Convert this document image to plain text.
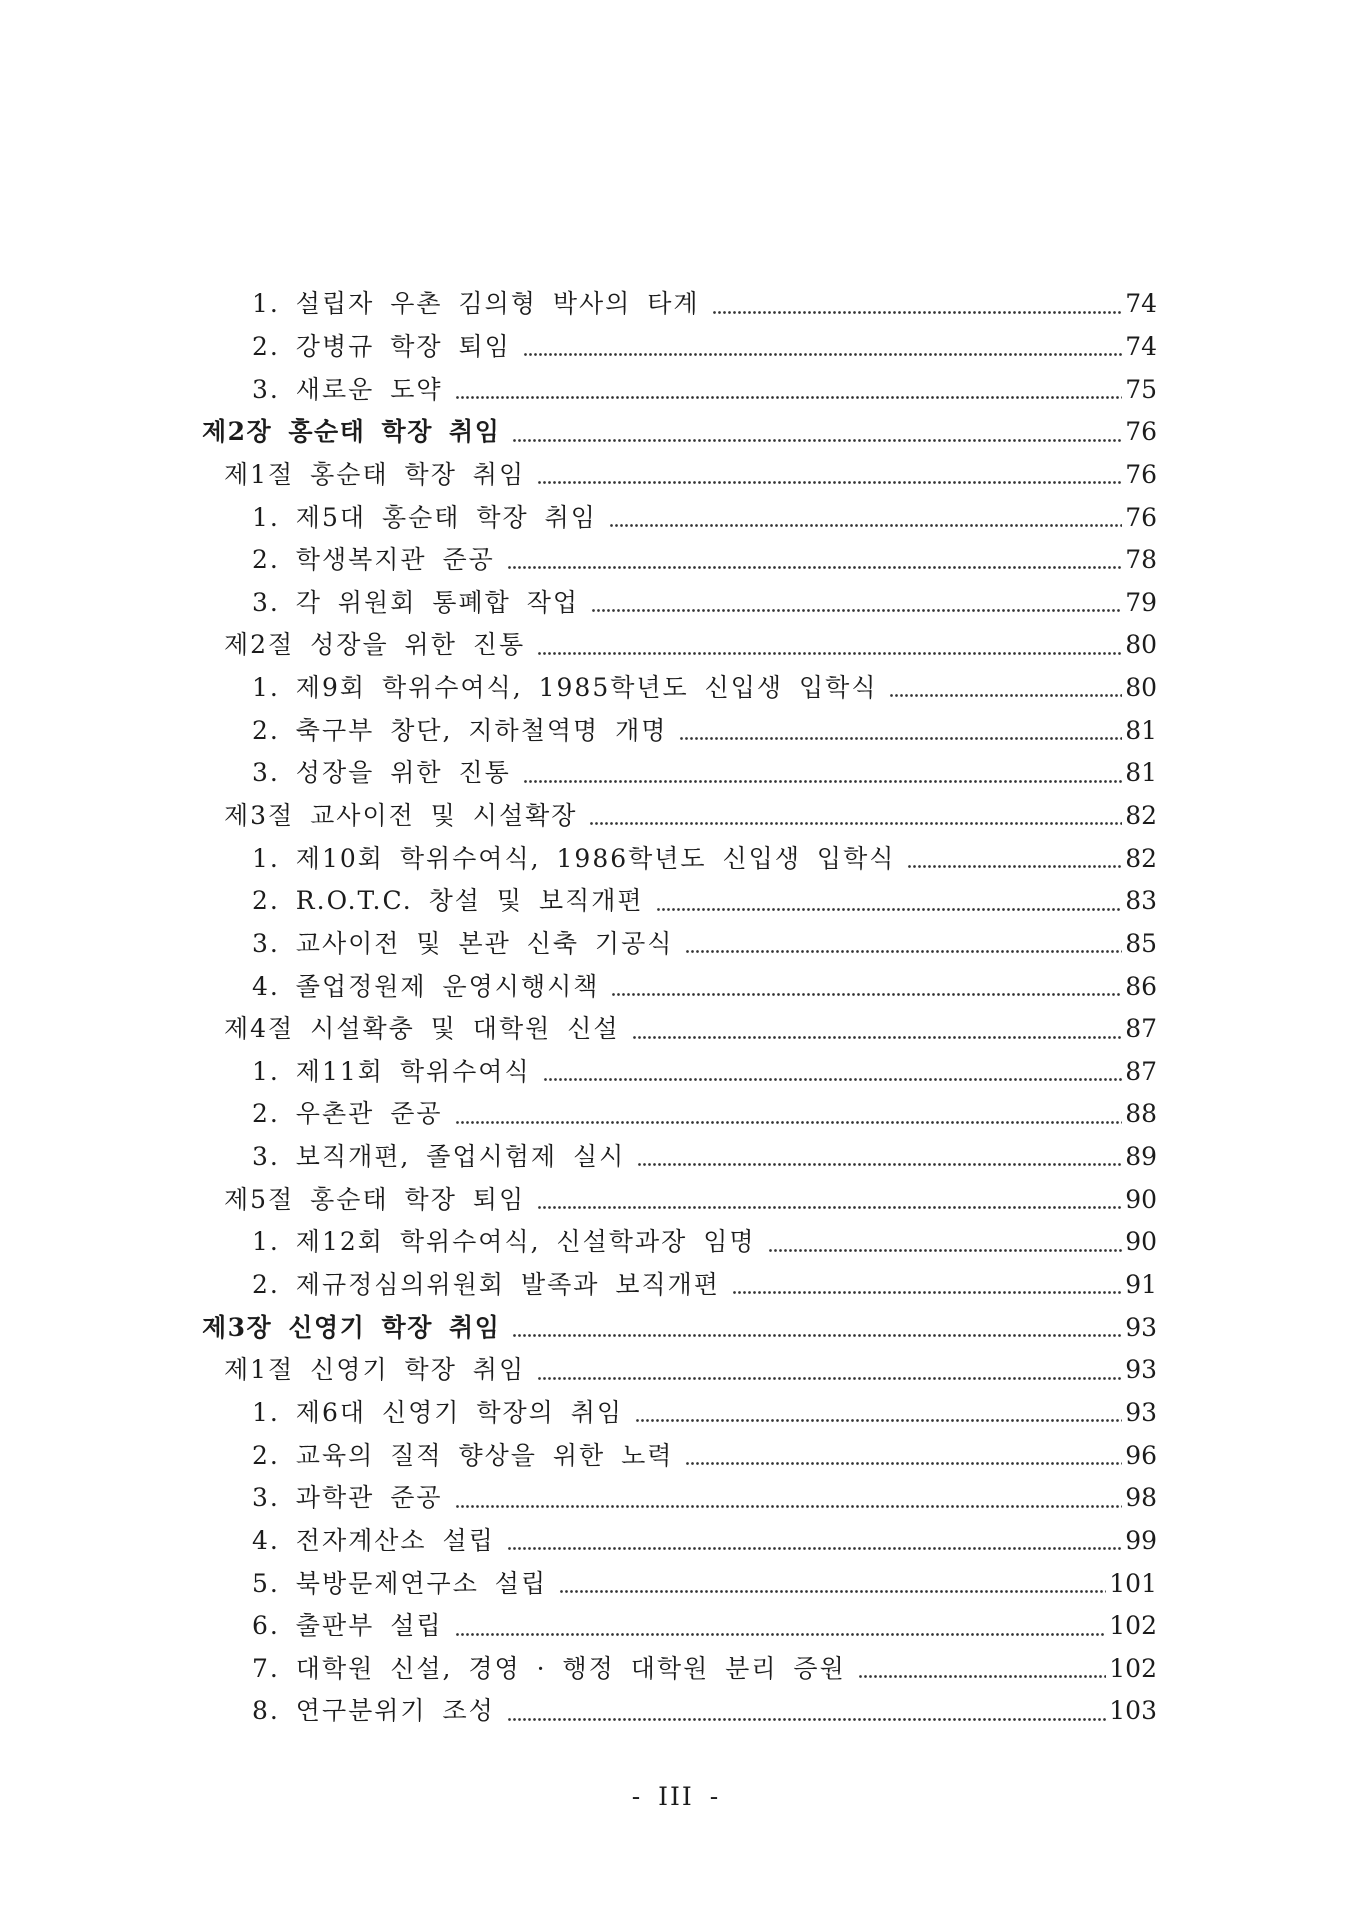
1. 설립자 우촌 김의형 박사의 타계	74
2. 강병규 학장 퇴임	74
3. 새로운 도약	75
제2장 홍순태 학장 취임	76
제1절 홍순태 학장 취임	76
1. 제5대 홍순태 학장 취임	76
2. 학생복지관 준공	78
3. 각 위원회 통폐합 작업	79
제2절 성장을 위한 진통	80
1. 제9회 학위수여식, 1985학년도 신입생 입학식	80
2. 축구부 창단, 지하철역명 개명	81
3. 성장을 위한 진통	81
제3절 교사이전 및 시설확장	82
1. 제10회 학위수여식, 1986학년도 신입생 입학식	82
2. R.O.T.C. 창설 및 보직개편	83
3. 교사이전 및 본관 신축 기공식	85
4. 졸업정원제 운영시행시책	86
제4절 시설확충 및 대학원 신설	87
1. 제11회 학위수여식	87
2. 우촌관 준공	88
3. 보직개편, 졸업시험제 실시	89
제5절 홍순태 학장 퇴임	90
1. 제12회 학위수여식, 신설학과장 임명	90
2. 제규정심의위원회 발족과 보직개편	91
제3장 신영기 학장 취임	93
제1절 신영기 학장 취임	93
1. 제6대 신영기 학장의 취임	93
2. 교육의 질적 향상을 위한 노력	96
3. 과학관 준공	98
4. 전자계산소 설립	99
5. 북방문제연구소 설립	101
6. 출판부 설립	102
7. 대학원 신설, 경영 · 행정 대학원 분리 증원	102
8. 연구분위기 조성	103
- III -
